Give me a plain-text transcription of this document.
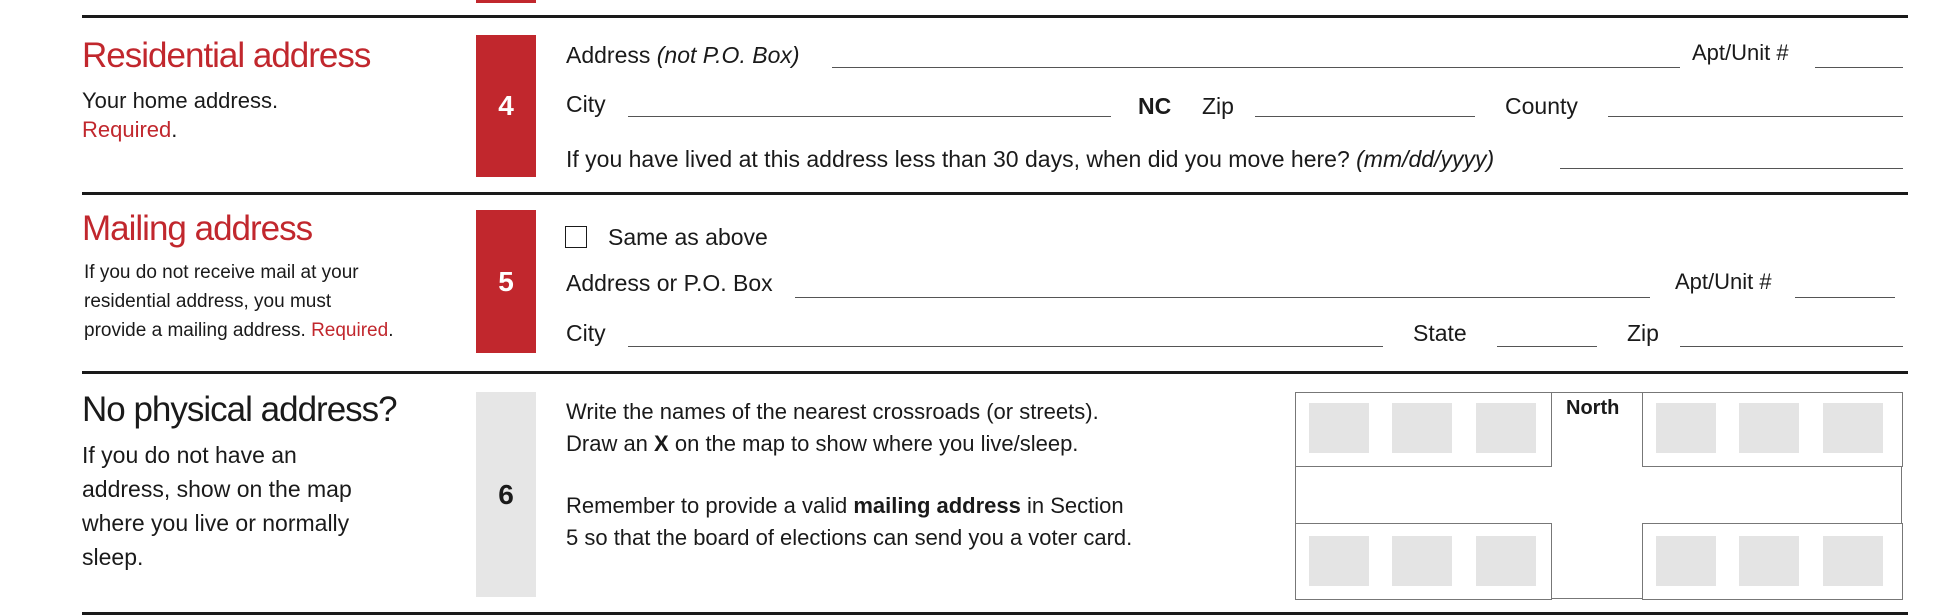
Residential address
Your home address.
Required.
4
Address (not P.O. Box)	Apt/Unit #
City	NC Zip	County
If you have lived at this address less than 30 days, when did you move here? (mm/dd/yyyy)
Mailing address
If you do not receive mail at your
residential address, you must
provide a mailing address. Required.
5
Same as above
Address or P.O. Box	Apt/Unit #
City	State	Zip
No physical address?
If you do not have an
address, show on the map
where you live or normally
sleep.
6
Write the names of the nearest crossroads (or streets).
Draw an X on the map to show where you live/sleep.
Remember to provide a valid mailing address in Section
5 so that the board of elections can send you a voter card.
North
